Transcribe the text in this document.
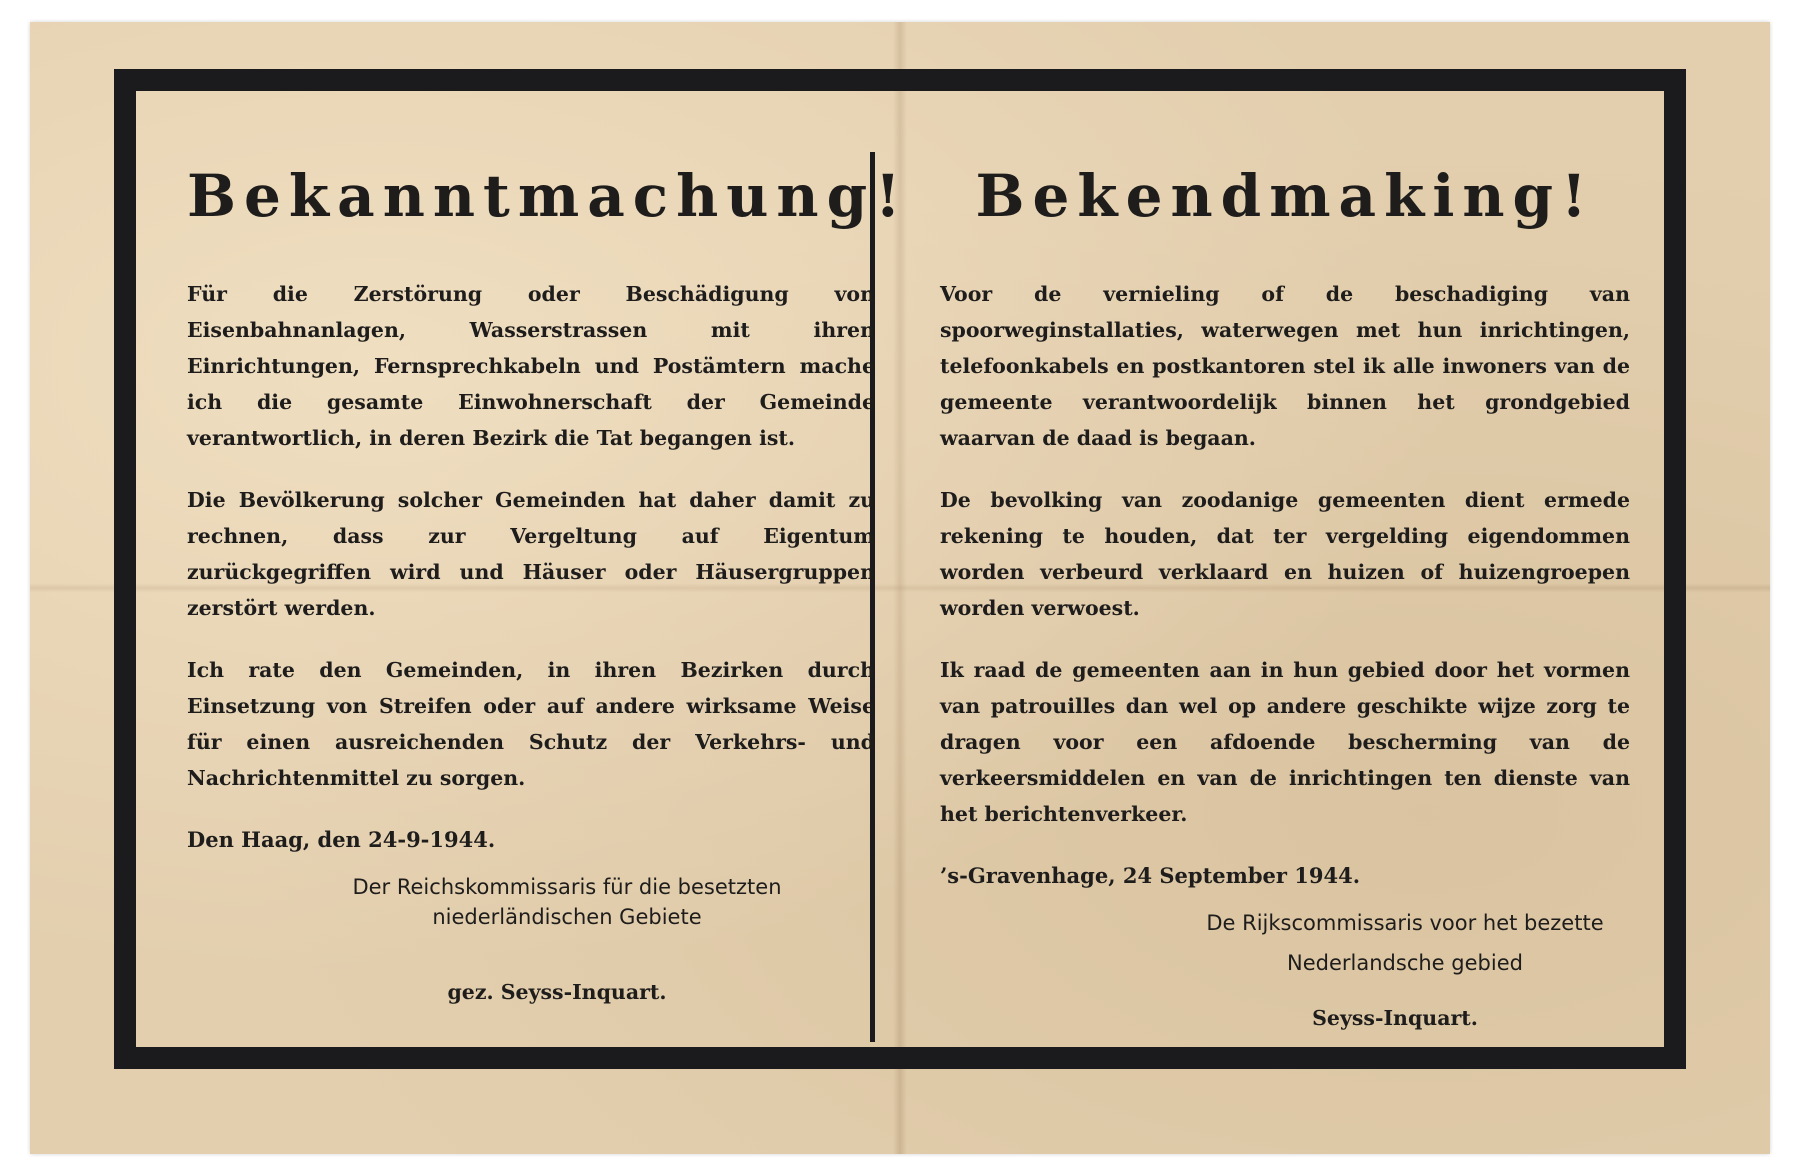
Bekanntmachung!

Für die Zerstörung oder Beschädigung von Eisenbahnanlagen, Wasserstrassen mit ihren Einrichtungen, Fernsprechkabeln und Postämtern mache ich die gesamte Einwohnerschaft der Gemeinde verantwortlich, in deren Bezirk die Tat begangen ist.

Die Bevölkerung solcher Gemeinden hat daher damit zu rechnen, dass zur Vergeltung auf Eigentum zurückgegriffen wird und Häuser oder Häusergruppen zerstört werden.

Ich rate den Gemeinden, in ihren Bezirken durch Einsetzung von Streifen oder auf andere wirksame Weise für einen ausreichenden Schutz der Verkehrs- und Nachrichtenmittel zu sorgen.

Den Haag, den 24-9-1944.

Der Reichskommissaris für die besetzten

niederländischen Gebiete

gez. Seyss-Inquart.

Bekendmaking!

Voor de vernieling of de beschadiging van spoorweginstallaties, waterwegen met hun inrichtingen, telefoonkabels en postkantoren stel ik alle inwoners van de gemeente verantwoordelijk binnen het grondgebied waarvan de daad is begaan.

De bevolking van zoodanige gemeenten dient ermede rekening te houden, dat ter vergelding eigendommen worden verbeurd verklaard en huizen of huizengroepen worden verwoest.

Ik raad de gemeenten aan in hun gebied door het vormen van patrouilles dan wel op andere geschikte wijze zorg te dragen voor een afdoende bescherming van de verkeersmiddelen en van de inrichtingen ten dienste van het berichtenverkeer.

’s-Gravenhage, 24 September 1944.

De Rijkscommissaris voor het bezette

Nederlandsche gebied

Seyss-Inquart.
